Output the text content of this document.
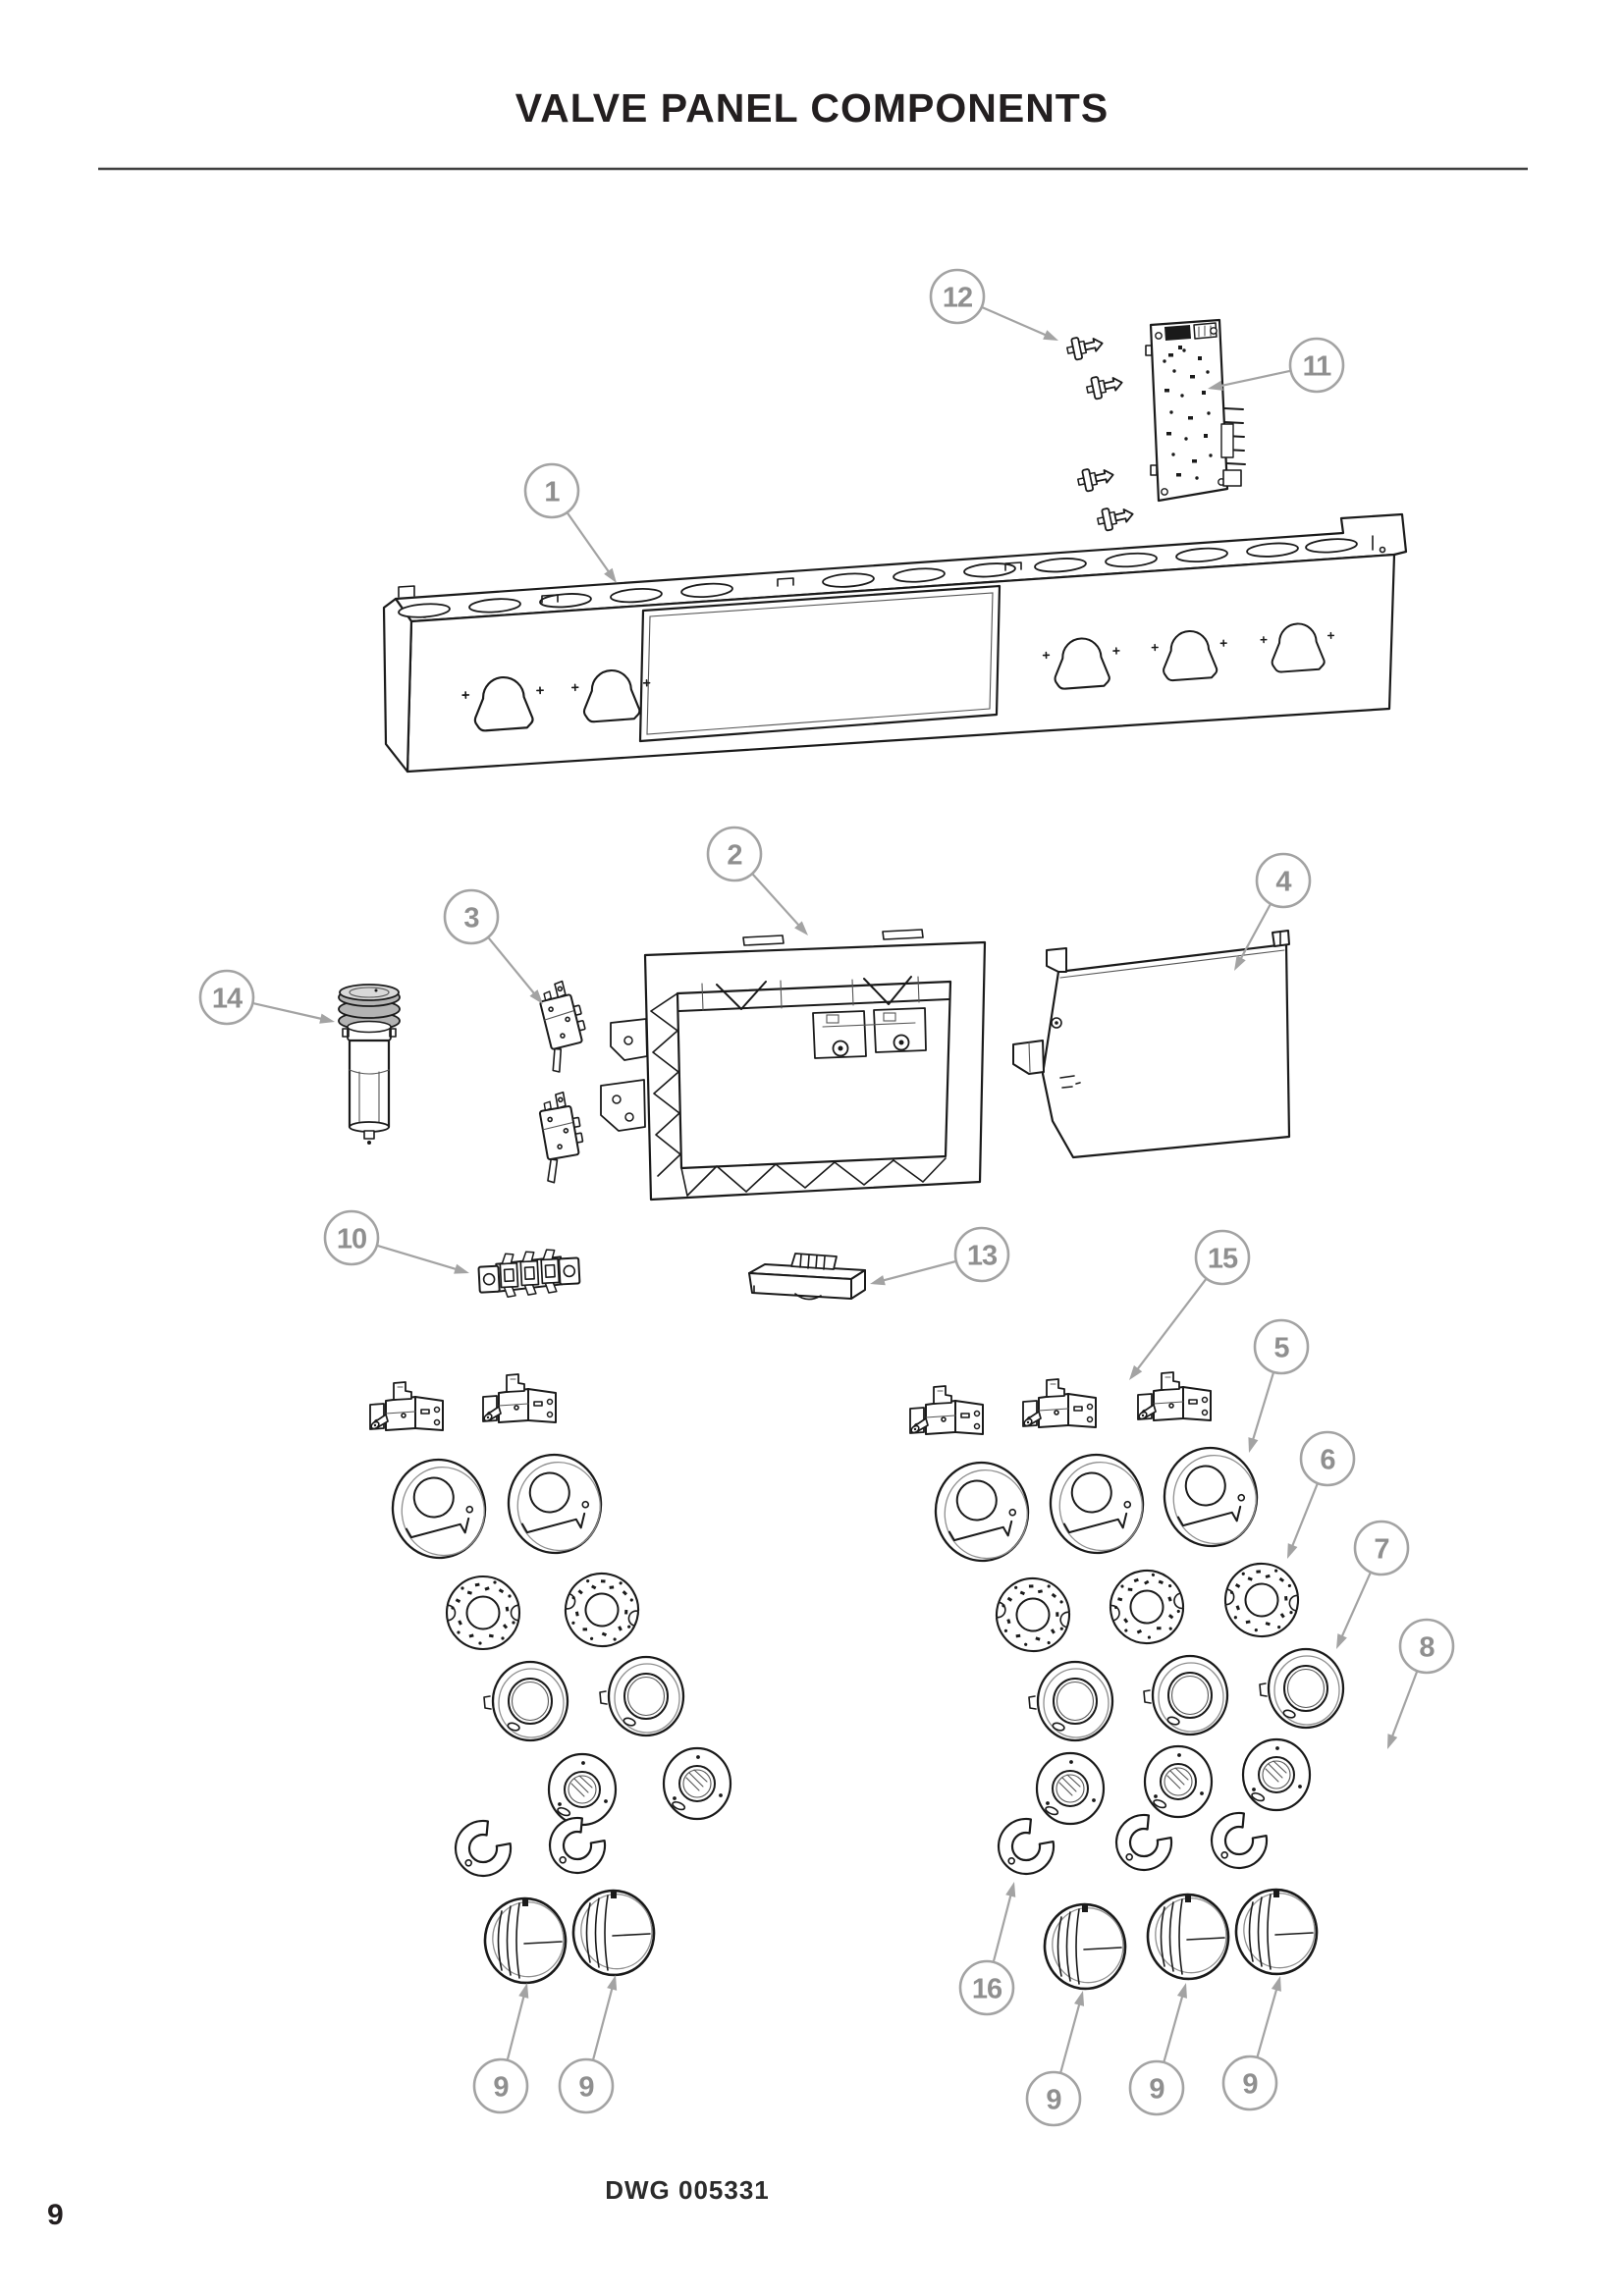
VALVE PANEL COMPONENTS
12
11
1
2
3
4
14
10
13	15
5
6
7
8
16
9 9	9	9	9
DWG 005331
9
